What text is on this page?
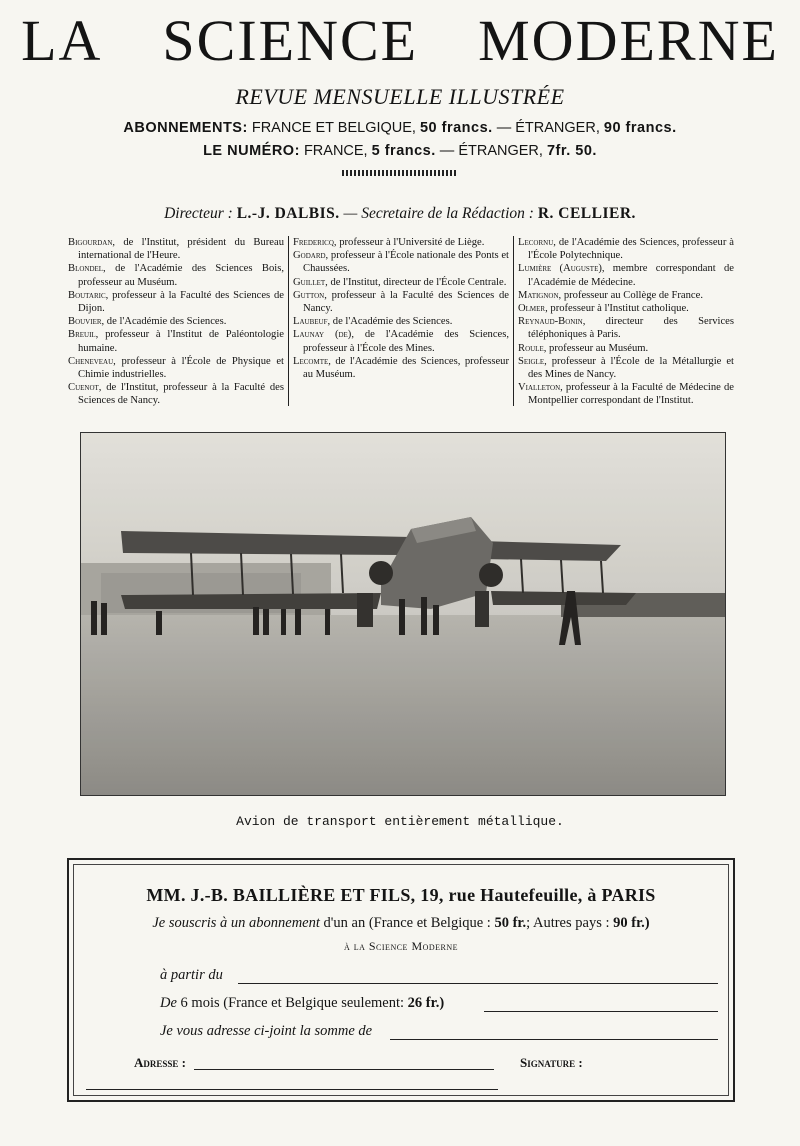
LA SCIENCE MODERNE
REVUE MENSUELLE ILLUSTRÉE
ABONNEMENTS: FRANCE ET BELGIQUE, 50 francs. — ÉTRANGER, 90 francs.
LE NUMÉRO: FRANCE, 5 francs. — ÉTRANGER, 7fr. 50.
Directeur : L.-J. DALBIS. — Secretaire de la Rédaction : R. CELLIER.

Bigourdan, de l'Institut, président du Bureau international de l'Heure.

Blondel, de l'Académie des Sciences Bois, professeur au Muséum.

Boutaric, professeur à la Faculté des Sciences de Dijon.

Bouvier, de l'Académie des Sciences.

Breuil, professeur à l'Institut de Paléontologie humaine.

Cheneveau, professeur à l'École de Physique et Chimie industrielles.

Cuenot, de l'Institut, professeur à la Faculté des Sciences de Nancy.

Fredericq, professeur à l'Université de Liège.

Godard, professeur à l'École nationale des Ponts et Chaussées.

Guillet, de l'Institut, directeur de l'École Centrale.

Gutton, professeur à la Faculté des Sciences de Nancy.

Laubeuf, de l'Académie des Sciences.

Launay (de), de l'Académie des Sciences, professeur à l'École des Mines.

Lecomte, de l'Académie des Sciences, professeur au Muséum.

Lecornu, de l'Académie des Sciences, professeur à l'École Polytechnique.

Lumière (Auguste), membre correspondant de l'Académie de Médecine.

Matignon, professeur au Collège de France.

Olmer, professeur à l'Institut catholique.

Reynaud-Bonin, directeur des Services téléphoniques à Paris.

Roule, professeur au Muséum.

Seigle, professeur à l'École de la Métallurgie et des Mines de Nancy.

Vialleton, professeur à la Faculté de Médecine de Montpellier correspondant de l'Institut.

Avion de transport entièrement métallique.
MM. J.-B. BAILLIÈRE ET FILS, 19, rue Hautefeuille, à PARIS
Je souscris à un abonnement d'un an (France et Belgique : 50 fr.; Autres pays : 90 fr.)
à la Science Moderne
à partir du
De 6 mois (France et Belgique seulement: 26 fr.)
Je vous adresse ci-joint la somme de
Adresse :	Signature :
